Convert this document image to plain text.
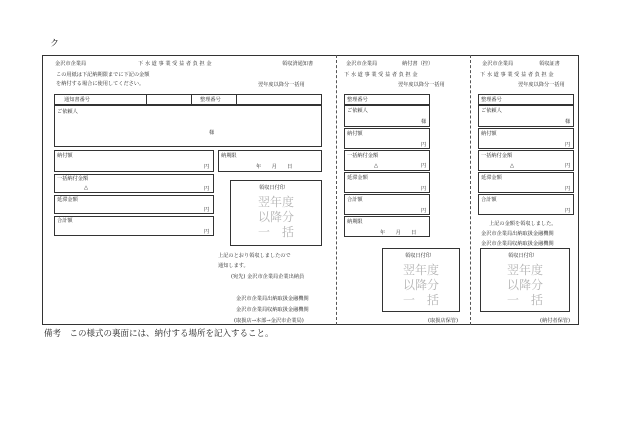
ク
金沢市企業局	下 水 道 事 業 受 益 者 負 担 金	領収済通知書
この用紙は下記納期限までに下記の金額
を納付する場合に使用してください。	翌年度以降分一括用
通知書番号	整理番号
ご依頼人
様
納付額
円
納期限
年　　月　　日
一括納付金額
△	円
延滞金額
円
合計額
円
領収日付印
翌年度
以降分
一　括
上記のとおり領収しましたので
通知します。
(宛先) 金沢市企業局企業出納員
金沢市企業局出納取扱金融機関
金沢市企業局収納取扱金融機関
(取扱店→本部→金沢市企業局)
金沢市企業局	納付書（控）
下 水 道 事 業 受 益 者 負 担 金
翌年度以降分一括用
整理番号
ご依頼人
様
納付額
円
一括納付金額
△	円
延滞金額
円
合計額
円
納期限
年　　月　　日
領収日付印
翌年度
以降分
一　括
(取扱店保管)
金沢市企業局	領収証書
下 水 道 事 業 受 益 者 負 担 金
翌年度以降分一括用
整理番号
ご依頼人
様
納付額
円
一括納付金額
△	円
延滞金額
円
合計額
円
上記の金額を領収しました。
金沢市企業局出納取扱金融機関
金沢市企業局収納取扱金融機関
領収日付印
翌年度
以降分
一　括
(納付者保管)
備考　この様式の裏面には、納付する場所を記入すること。
